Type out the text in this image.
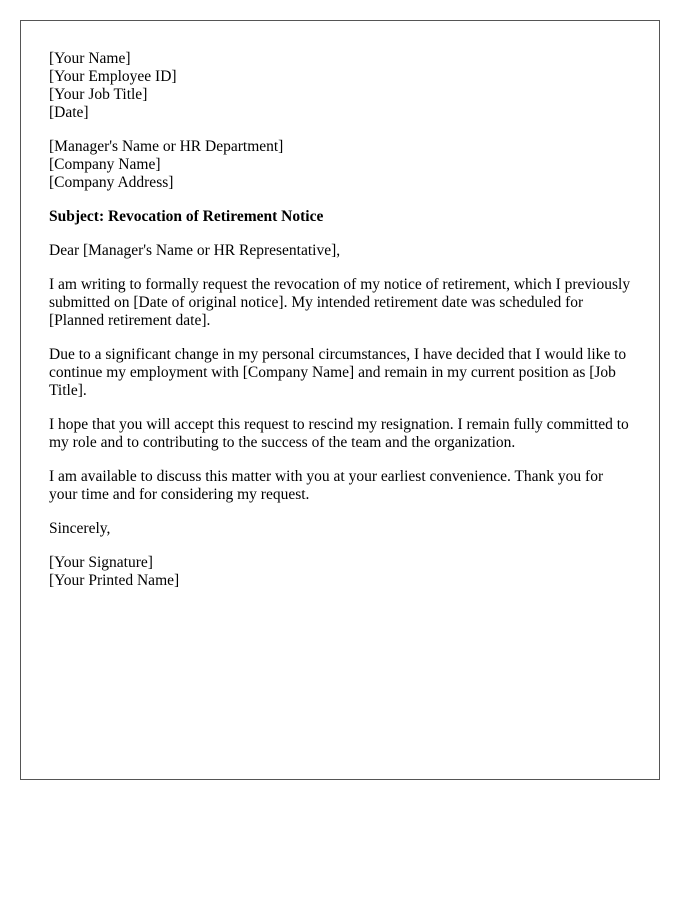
[Your Name]
[Your Employee ID]
[Your Job Title]
[Date]
[Manager's Name or HR Department]
[Company Name]
[Company Address]

Subject: Revocation of Retirement Notice

Dear [Manager's Name or HR Representative],

I am writing to formally request the revocation of my notice of retirement, which I previously submitted on [Date of original notice]. My intended retirement date was scheduled for [Planned retirement date].

Due to a significant change in my personal circumstances, I have decided that I would like to continue my employment with [Company Name] and remain in my current position as [Job Title].

I hope that you will accept this request to rescind my resignation. I remain fully committed to my role and to contributing to the success of the team and the organization.

I am available to discuss this matter with you at your earliest convenience. Thank you for your time and for considering my request.

Sincerely,

[Your Signature]
[Your Printed Name]
